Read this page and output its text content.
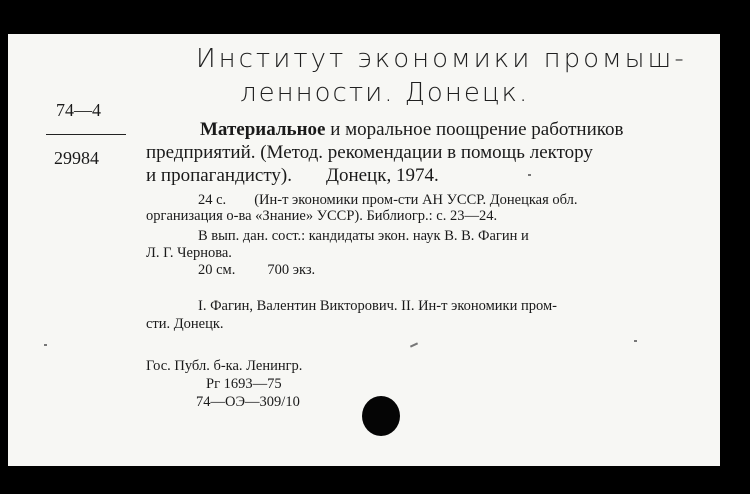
Институт экономики промыш-
ленности. Донецк.
74—4
29984
Материальное и моральное поощрение работников
предприятий. (Метод. рекомендации в помощь лектору
и пропагандисту). Донецк, 1974.
24 с. (Ин-т экономики пром-сти АН УССР. Донецкая обл.
организация о-ва «Знание» УССР). Библиогр.: с. 23—24.
В вып. дан. сост.: кандидаты экон. наук В. В. Фагин и
Л. Г. Чернова.
20 см. 700 экз.
I. Фагин, Валентин Викторович. II. Ин-т экономики пром-
сти. Донецк.
Гос. Публ. б-ка. Ленингр.
Рг 1693—75
74—ОЭ—309/10
